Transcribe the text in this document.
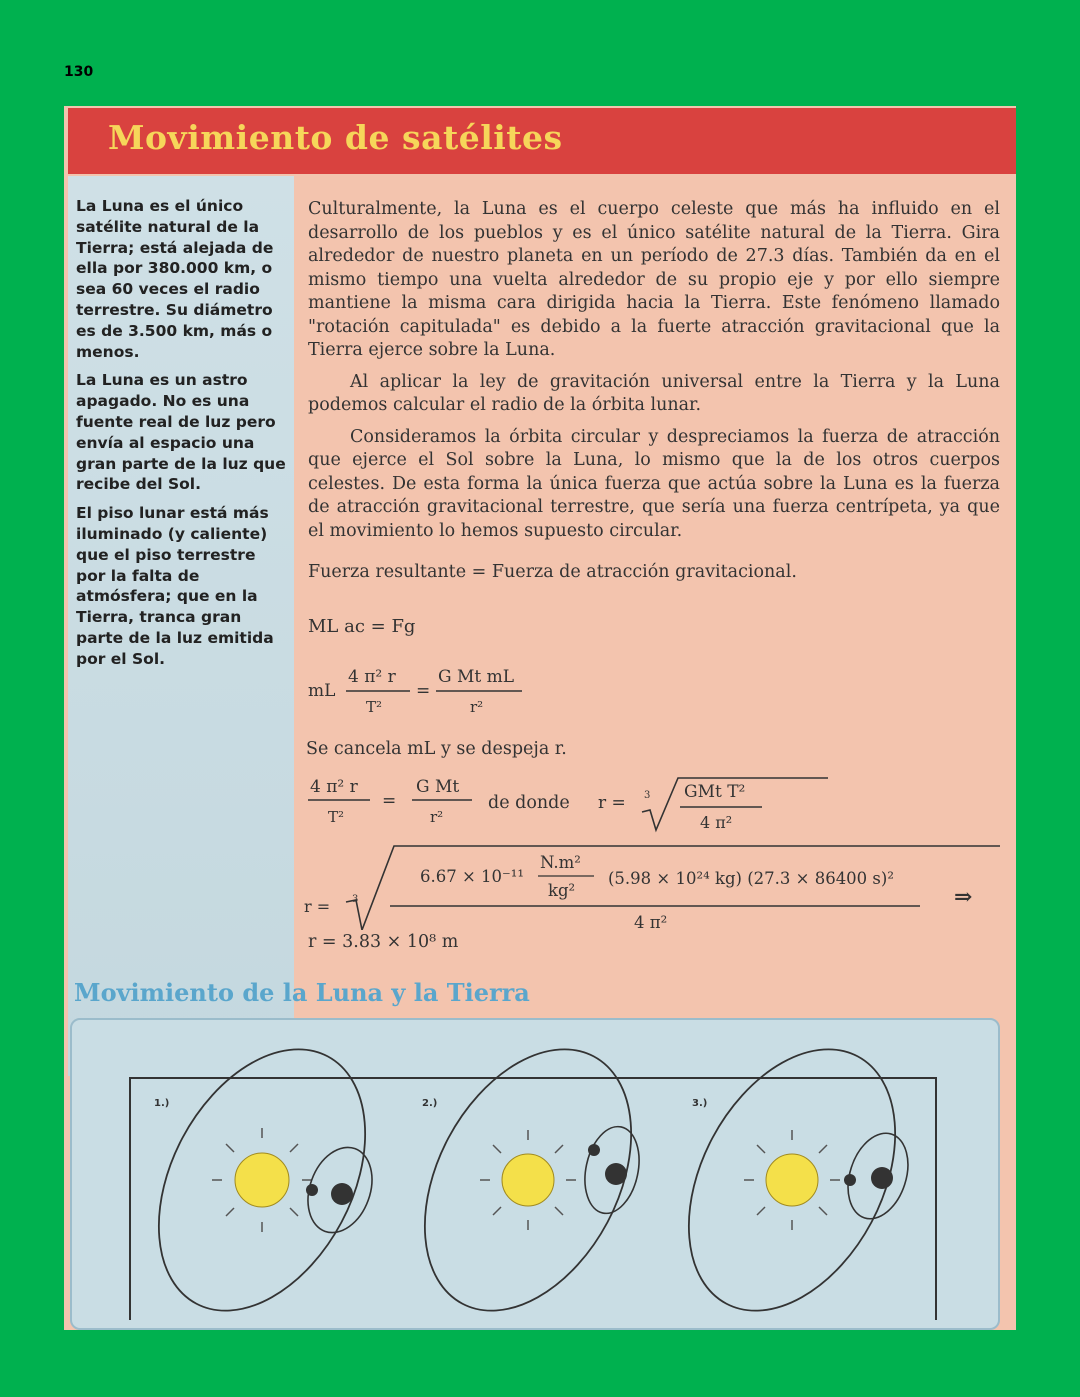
130
Movimiento de satélites

La Luna es el único satélite natural de la Tierra; está alejada de ella por 380.000 km, o sea 60 veces el radio terrestre. Su diámetro es de 3.500 km, más o menos.

La Luna es un astro apagado. No es una fuente real de luz pero envía al espacio una gran parte de la luz que recibe del Sol.

El piso lunar está más iluminado (y caliente) que el piso terrestre por la falta de atmósfera; que en la Tierra, tranca gran parte de la luz emitida por el Sol.

Culturalmente, la Luna es el cuerpo celeste que más ha influido en el desarrollo de los pueblos y es el único satélite natural de la Tierra. Gira alrededor de nuestro planeta en un período de 27.3 días. También da en el mismo tiempo una vuelta alrededor de su propio eje y por ello siempre mantiene la misma cara dirigida hacia la Tierra. Este fenómeno llamado "rotación capitulada" es debido a la fuerte atracción gravitacional que la Tierra ejerce sobre la Luna.

Al aplicar la ley de gravitación universal entre la Tierra y la Luna podemos calcular el radio de la órbita lunar.

Consideramos la órbita circular y despreciamos la fuerza de atracción que ejerce el Sol sobre la Luna, lo mismo que la de los otros cuerpos celestes. De esta forma la única fuerza que actúa sobre la Luna es la fuerza de atracción gravitacional terrestre, que sería una fuerza centrípeta, ya que el movimiento lo hemos supuesto circular.

Fuerza resultante = Fuerza de atracción gravitacional.
ML ac = Fg
mL
4 π² r
T²
=
G Mt mL
r²
Se cancela mL y se despeja r.
4 π² r
T²
=
G Mt
r²
de donde r = 3 GMt T²
4 π²
r = 3
6.67 × 10⁻¹¹
N.m²
kg²
(5.98 × 10²⁴ kg) (27.3 × 86400 s)²
4 π²
⇒
r = 3.83 × 10⁸ m
Movimiento de la Luna y la Tierra
1.)	2.)	3.)
